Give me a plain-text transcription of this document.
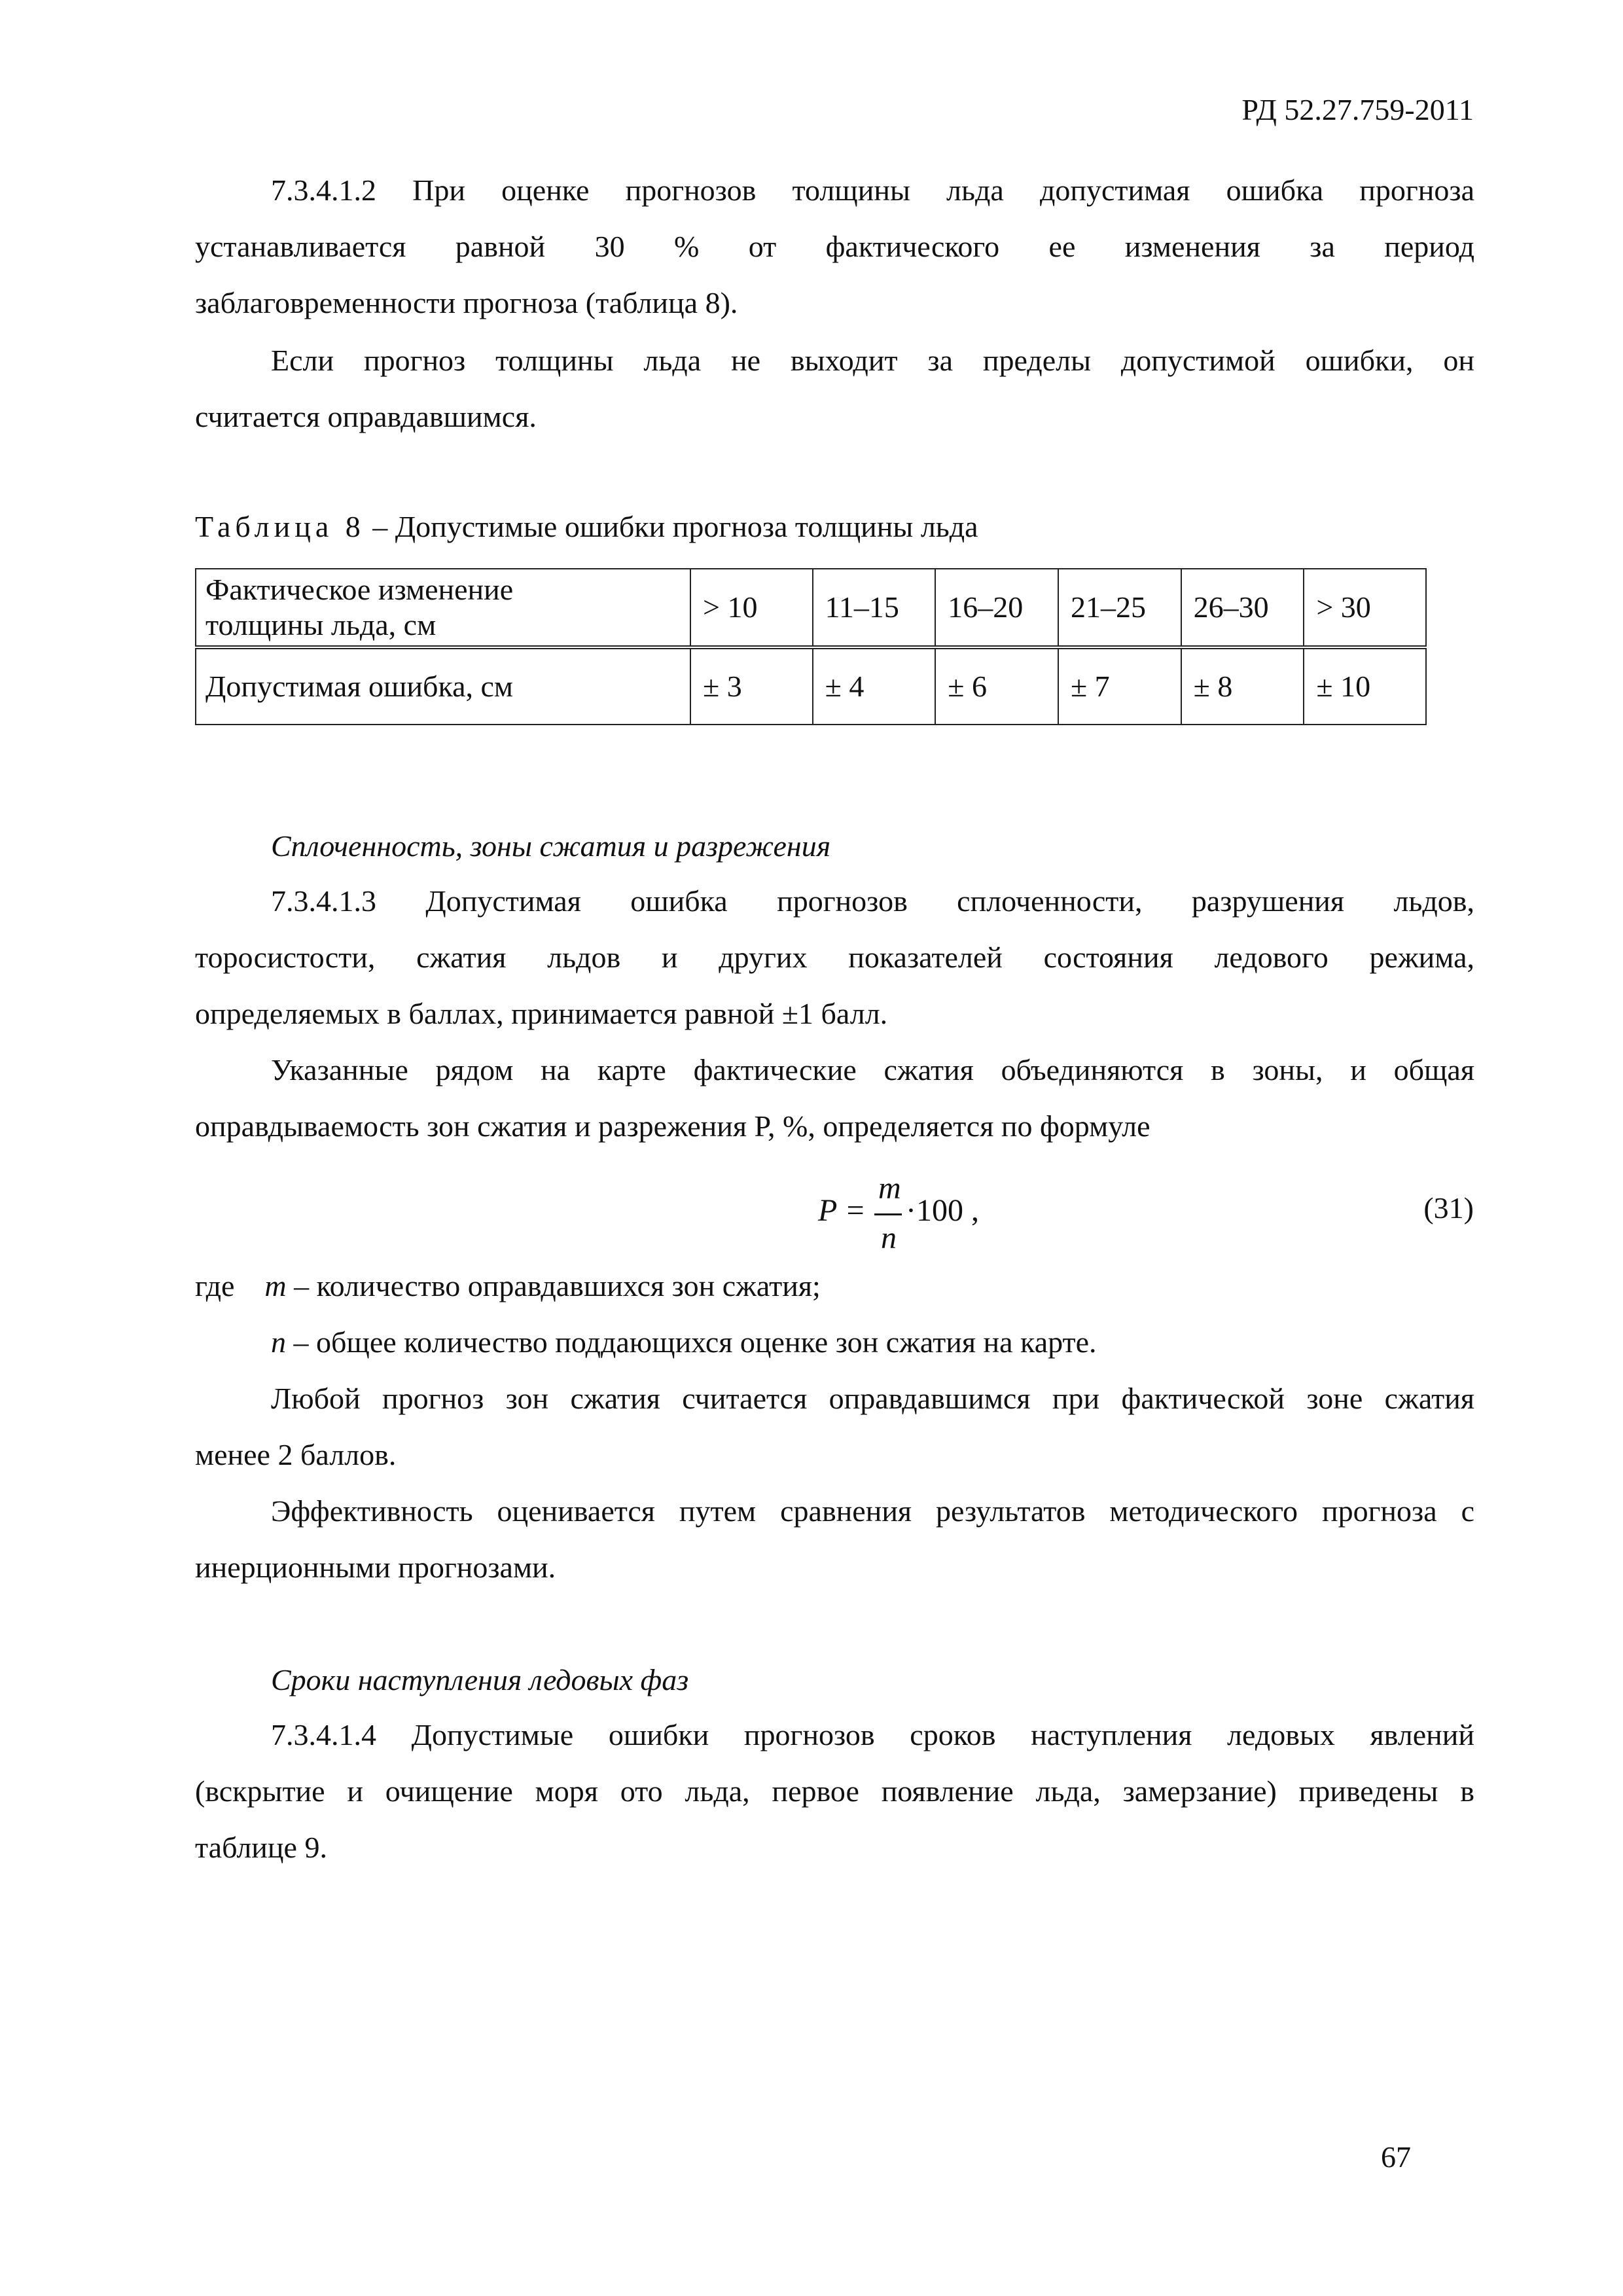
РД 52.27.759-2011
7.3.4.1.2 При оценке прогнозов толщины льда допустимая ошибка прогноза
устанавливается равной 30 % от фактического ее изменения за период
заблаговременности прогноза (таблица 8).
Если прогноз толщины льда не выходит за пределы допустимой ошибки, он
считается оправдавшимся.
Таблица 8 – Допустимые ошибки прогноза толщины льда
Фактическое изменение
толщины льда, см	> 10	11–15	16–20	21–25	26–30	> 30
Допустимая ошибка, см	± 3	± 4	± 6	± 7	± 8	± 10
Сплоченность, зоны сжатия и разрежения
7.3.4.1.3 Допустимая ошибка прогнозов сплоченности, разрушения льдов,
торосистости, сжатия льдов и других показателей состояния ледового режима,
определяемых в баллах, принимается равной ±1 балл.
Указанные рядом на карте фактические сжатия объединяются в зоны, и общая
оправдываемость зон сжатия и разрежения P, %, определяется по формуле
P =
m
n
·100 ,	(31)
где m – количество оправдавшихся зон сжатия;
n – общее количество поддающихся оценке зон сжатия на карте.
Любой прогноз зон сжатия считается оправдавшимся при фактической зоне сжатия
менее 2 баллов.
Эффективность оценивается путем сравнения результатов методического прогноза с
инерционными прогнозами.
Сроки наступления ледовых фаз
7.3.4.1.4 Допустимые ошибки прогнозов сроков наступления ледовых явлений
(вскрытие и очищение моря ото льда, первое появление льда, замерзание) приведены в
таблице 9.
67
